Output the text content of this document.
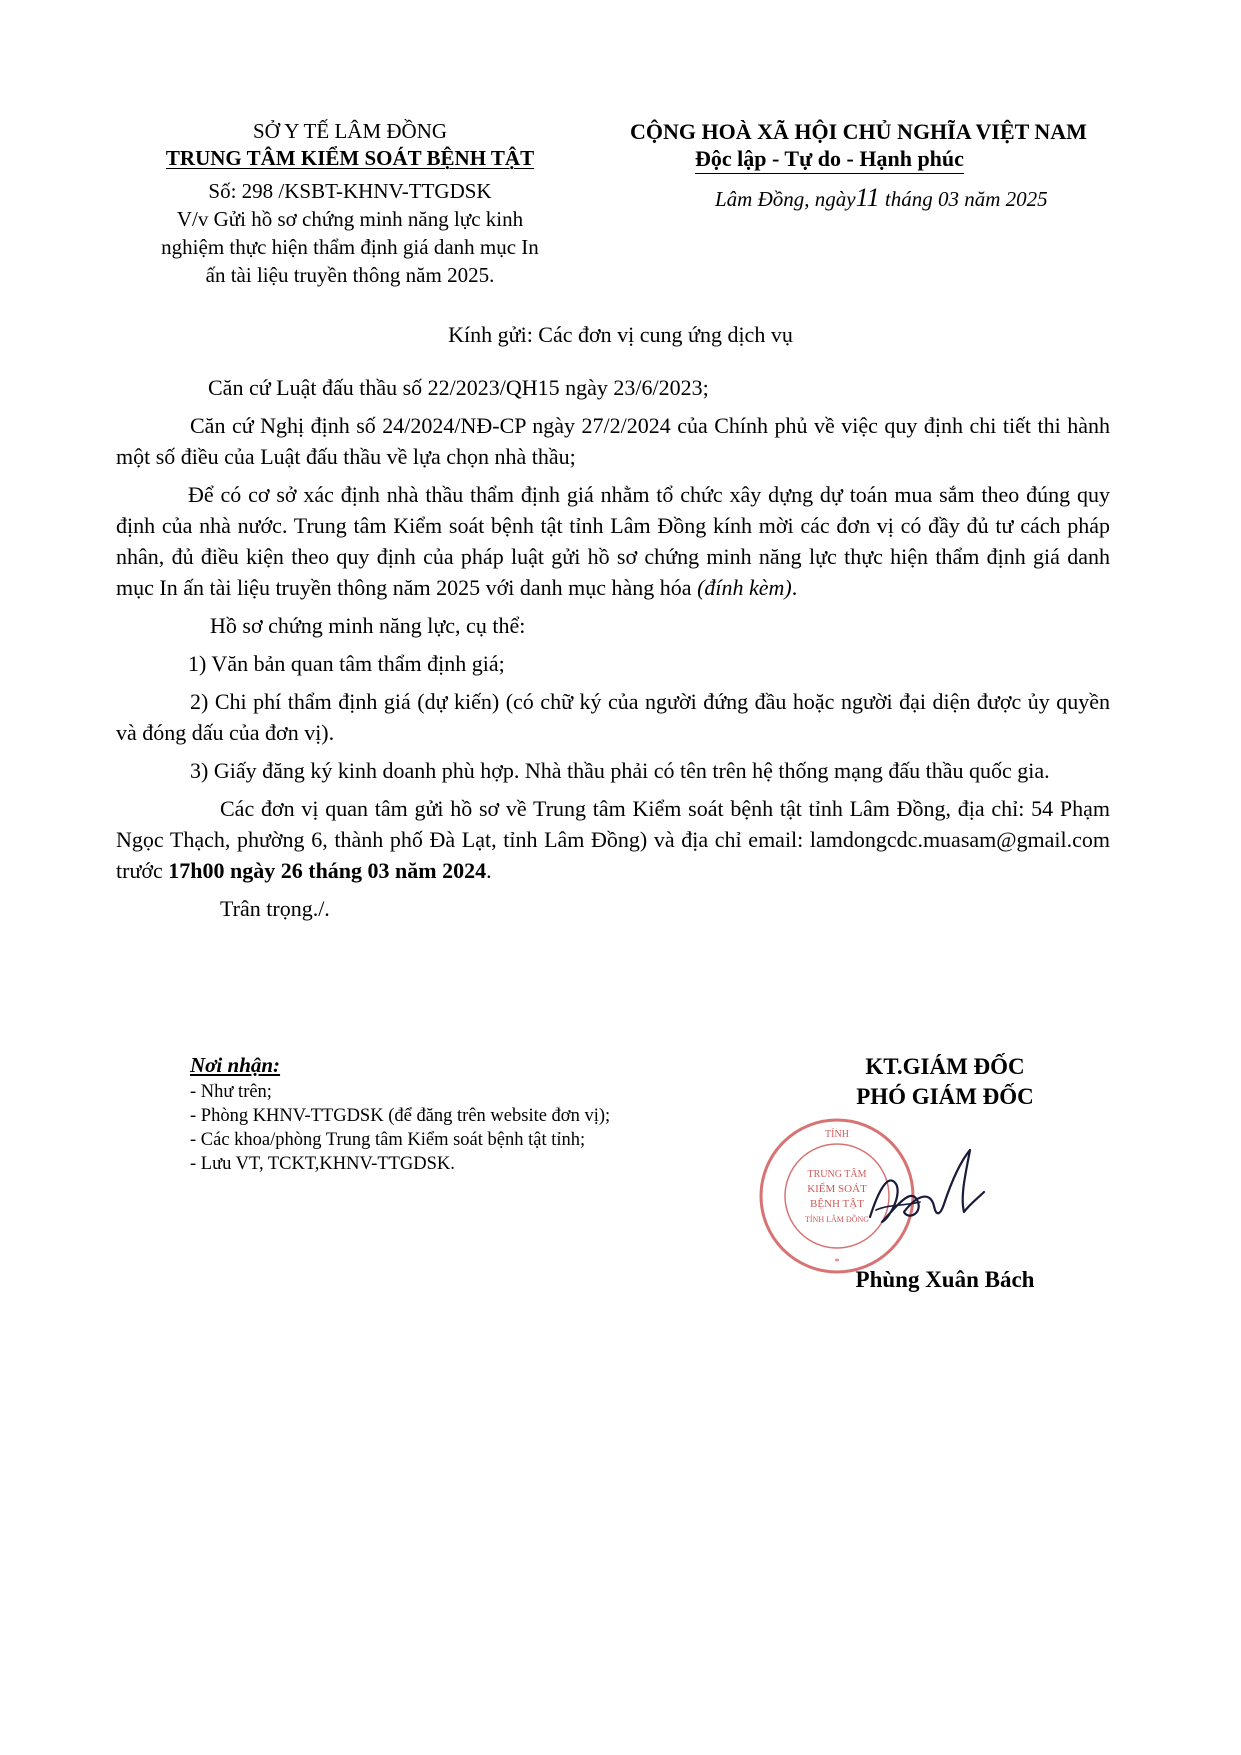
SỞ Y TẾ LÂM ĐỒNG
TRUNG TÂM KIỂM SOÁT BỆNH TẬT
Số: 298 /KSBT-KHNV-TTGDSK
V/v Gửi hồ sơ chứng minh năng lực kinh
nghiệm thực hiện thẩm định giá danh mục In
ấn tài liệu truyền thông năm 2025.
CỘNG HOÀ XÃ HỘI CHỦ NGHĨA VIỆT NAM
Độc lập - Tự do - Hạnh phúc
Lâm Đồng, ngày11 tháng 03 năm 2025
Kính gửi: Các đơn vị cung ứng dịch vụ

Căn cứ Luật đấu thầu số 22/2023/QH15 ngày 23/6/2023;

Căn cứ Nghị định số 24/2024/NĐ-CP ngày 27/2/2024 của Chính phủ về việc quy định chi tiết thi hành một số điều của Luật đấu thầu về lựa chọn nhà thầu;

Để có cơ sở xác định nhà thầu thẩm định giá nhằm tổ chức xây dựng dự toán mua sắm theo đúng quy định của nhà nước. Trung tâm Kiểm soát bệnh tật tỉnh Lâm Đồng kính mời các đơn vị có đầy đủ tư cách pháp nhân, đủ điều kiện theo quy định của pháp luật gửi hồ sơ chứng minh năng lực thực hiện thẩm định giá danh mục In ấn tài liệu truyền thông năm 2025 với danh mục hàng hóa (đính kèm).

Hồ sơ chứng minh năng lực, cụ thể:

1) Văn bản quan tâm thẩm định giá;

2) Chi phí thẩm định giá (dự kiến) (có chữ ký của người đứng đầu hoặc người đại diện được ủy quyền và đóng dấu của đơn vị).

3) Giấy đăng ký kinh doanh phù hợp. Nhà thầu phải có tên trên hệ thống mạng đấu thầu quốc gia.

Các đơn vị quan tâm gửi hồ sơ về Trung tâm Kiểm soát bệnh tật tỉnh Lâm Đồng, địa chỉ: 54 Phạm Ngọc Thạch, phường 6, thành phố Đà Lạt, tỉnh Lâm Đồng) và địa chỉ email: lamdongcdc.muasam@gmail.com trước 17h00 ngày 26 tháng 03 năm 2024.

Trân trọng./.

Nơi nhận:
- Như trên;
- Phòng KHNV-TTGDSK (để đăng trên website đơn vị);
- Các khoa/phòng Trung tâm Kiểm soát bệnh tật tỉnh;
- Lưu VT, TCKT,KHNV-TTGDSK.
KT.GIÁM ĐỐC
PHÓ GIÁM ĐỐC
TỈNH
TRUNG TÂM
KIỂM SOÁT
BỆNH TẬT
TỈNH LÂM ĐỒNG
*
Phùng Xuân Bách
